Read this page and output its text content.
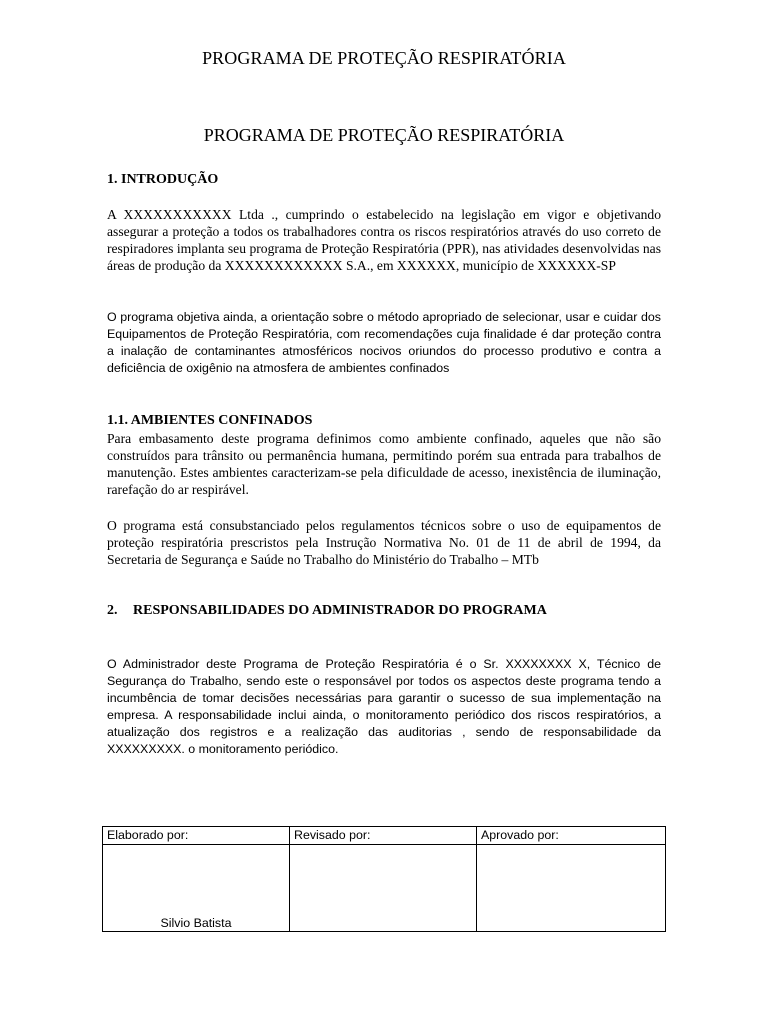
PROGRAMA DE PROTEÇÃO RESPIRATÓRIA
PROGRAMA DE PROTEÇÃO RESPIRATÓRIA
1. INTRODUÇÃO
A XXXXXXXXXXX Ltda ., cumprindo o estabelecido na legislação em vigor e objetivando assegurar a proteção a todos os trabalhadores contra os riscos respiratórios através do uso correto de respiradores implanta seu programa de Proteção Respiratória (PPR), nas atividades desenvolvidas nas áreas de produção da XXXXXXXXXXXX S.A., em XXXXXX, município de XXXXXX-SP
O programa objetiva ainda, a orientação sobre o método apropriado de selecionar, usar e cuidar dos Equipamentos de Proteção Respiratória, com recomendações cuja finalidade é dar proteção contra a inalação de contaminantes atmosféricos nocivos oriundos do processo produtivo e contra a deficiência de oxigênio na atmosfera de ambientes confinados
1.1. AMBIENTES CONFINADOS
Para embasamento deste programa definimos como ambiente confinado, aqueles que não são construídos para trânsito ou permanência humana, permitindo porém sua entrada para trabalhos de manutenção. Estes ambientes caracterizam-se pela dificuldade de acesso, inexistência de iluminação, rarefação do ar respirável.
O programa está consubstanciado pelos regulamentos técnicos sobre o uso de equipamentos de proteção respiratória prescristos pela Instrução Normativa No. 01 de 11 de abril de 1994, da Secretaria de Segurança e Saúde no Trabalho do Ministério do Trabalho – MTb
2. RESPONSABILIDADES DO ADMINISTRADOR DO PROGRAMA
O Administrador deste Programa de Proteção Respiratória é o Sr. XXXXXXXX X, Técnico de Segurança do Trabalho, sendo este o responsável por todos os aspectos deste programa tendo a incumbência de tomar decisões necessárias para garantir o sucesso de sua implementação na empresa. A responsabilidade inclui ainda, o monitoramento periódico dos riscos respiratórios, a atualização dos registros e a realização das auditorias , sendo de responsabilidade da XXXXXXXXX. o monitoramento periódico.
Elaborado por:	Revisado por:	Aprovado por:

Silvio Batista		
